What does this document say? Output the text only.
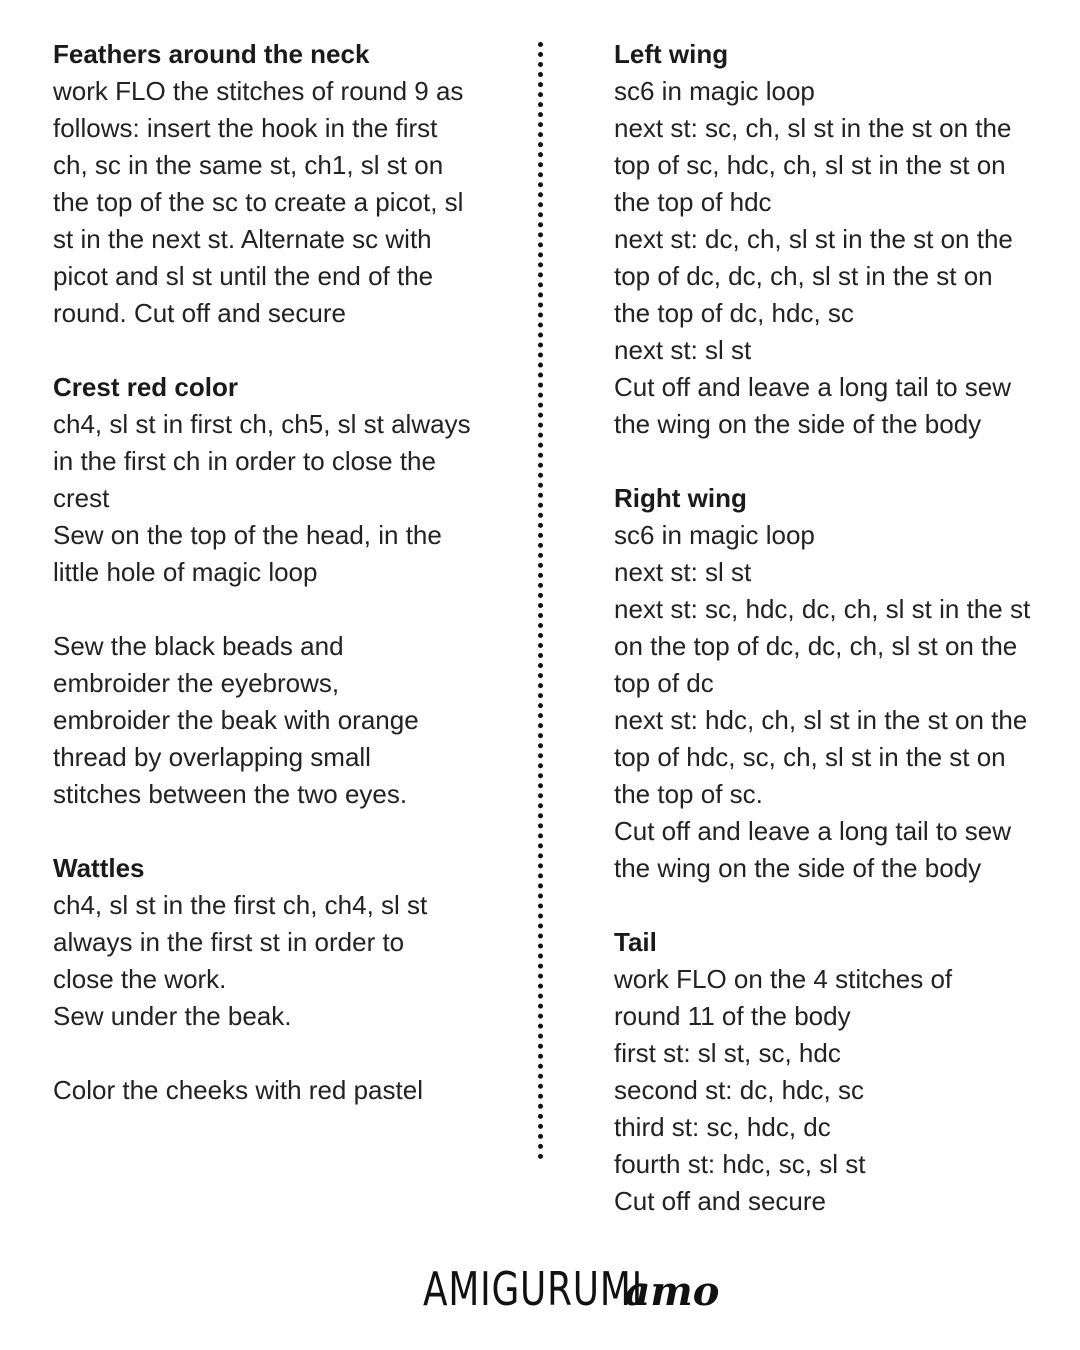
Feathers around the neck
work FLO the stitches of round 9 as
follows: insert the hook in the first
ch, sc in the same st, ch1, sl st on
the top of the sc to create a picot, sl
st in the next st. Alternate sc with
picot and sl st until the end of the
round. Cut off and secure
Crest red color
ch4, sl st in first ch, ch5, sl st always
in the first ch in order to close the
crest
Sew on the top of the head, in the
little hole of magic loop
Sew the black beads and
embroider the eyebrows,
embroider the beak with orange
thread by overlapping small
stitches between the two eyes.
Wattles
ch4, sl st in the first ch, ch4, sl st
always in the first st in order to
close the work.
Sew under the beak.
Color the cheeks with red pastel
Left wing
sc6 in magic loop
next st: sc, ch, sl st in the st on the
top of sc, hdc, ch, sl st in the st on
the top of hdc
next st: dc, ch, sl st in the st on the
top of dc, dc, ch, sl st in the st on
the top of dc, hdc, sc
next st: sl st
Cut off and leave a long tail to sew
the wing on the side of the body
Right wing
sc6 in magic loop
next st: sl st
next st: sc, hdc, dc, ch, sl st in the st
on the top of dc, dc, ch, sl st on the
top of dc
next st: hdc, ch, sl st in the st on the
top of hdc, sc, ch, sl st in the st on
the top of sc.
Cut off and leave a long tail to sew
the wing on the side of the body
Tail
work FLO on the 4 stitches of
round 11 of the body
first st: sl st, sc, hdc
second st: dc, hdc, sc
third st: sc, hdc, dc
fourth st: hdc, sc, sl st
Cut off and secure
AMIGURUMIamo
